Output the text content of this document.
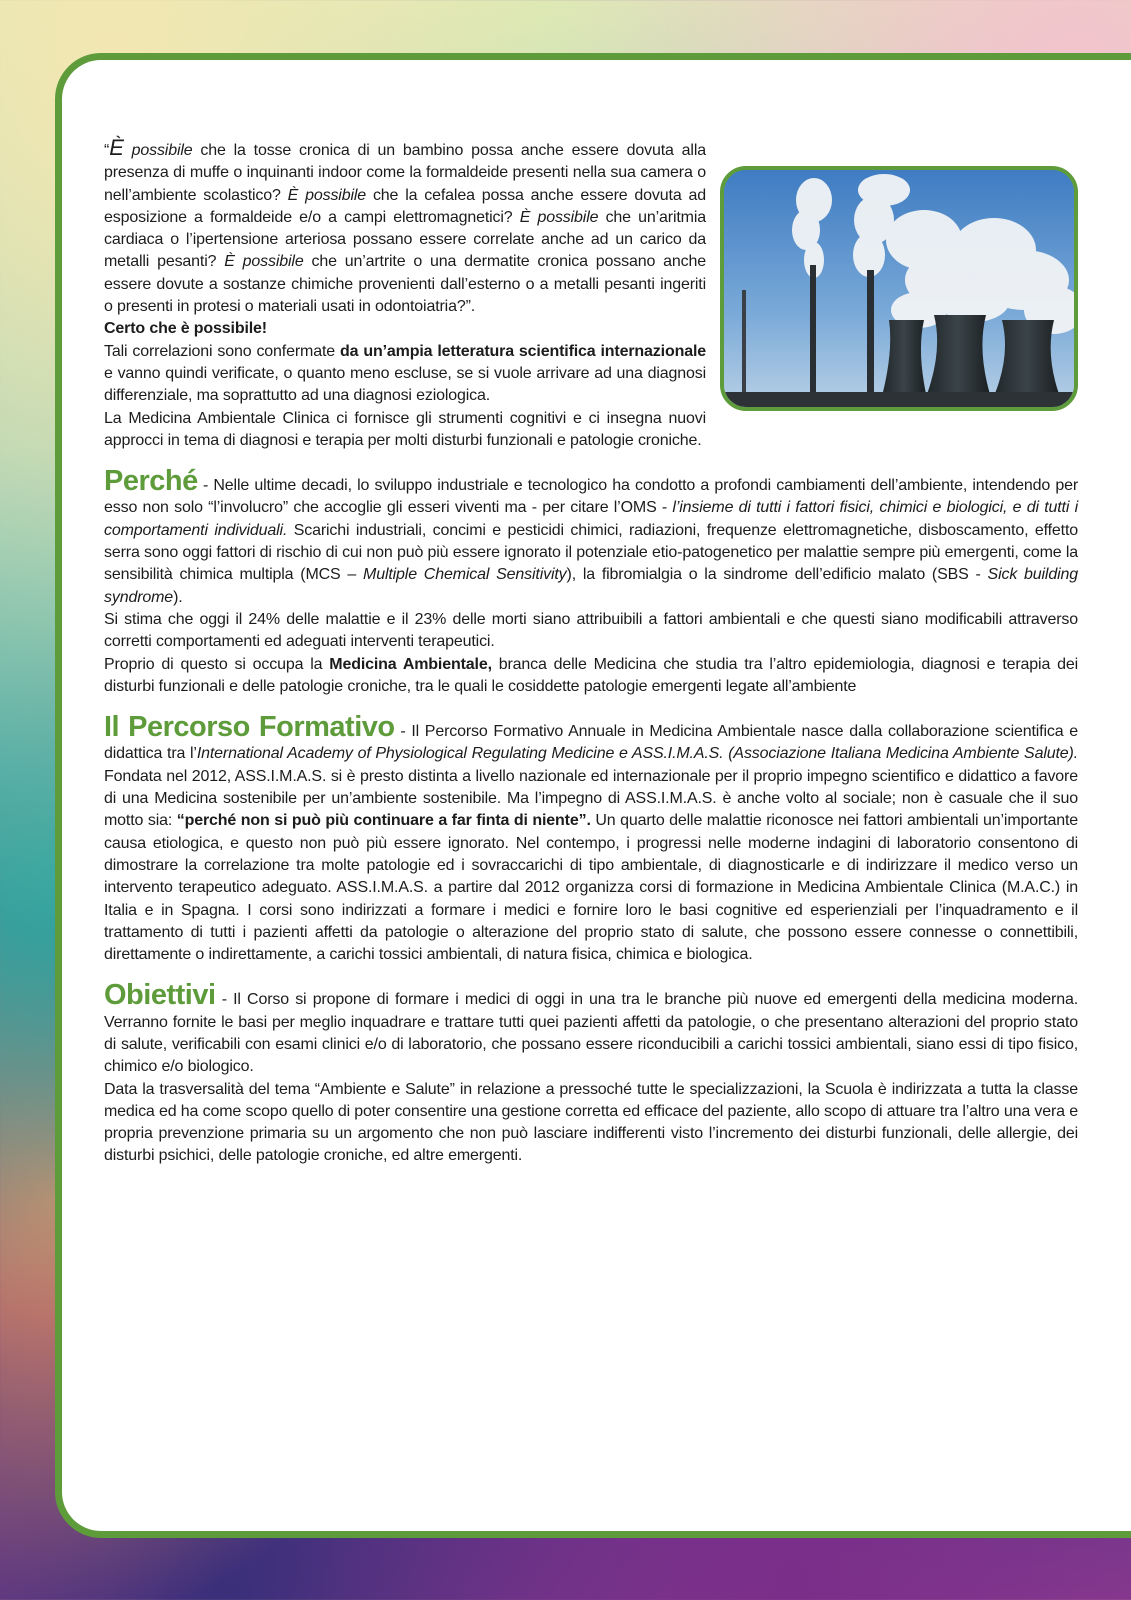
“È possibile che la tosse cronica di un bambino possa anche essere dovuta alla presenza di muffe o inquinanti indoor come la formaldeide presenti nella sua camera o nell’ambiente scolastico? È possibile che la cefalea possa anche essere dovuta ad esposizione a formaldeide e/o a campi elettromagnetici? È possibile che un’aritmia cardiaca o l’ipertensione arteriosa possano essere correlate anche ad un carico da metalli pesanti? È possibile che un’artrite o una dermatite cronica possano anche essere dovute a sostanze chimiche provenienti dall’esterno o a metalli pesanti ingeriti o presenti in protesi o materiali usati in odontoiatria?”.

Certo che è possibile!

Tali correlazioni sono confermate da un’ampia letteratura scientifica internazionale e vanno quindi verificate, o quanto meno escluse, se si vuole arrivare ad una diagnosi differenziale, ma soprattutto ad una diagnosi eziologica.

La Medicina Ambientale Clinica ci fornisce gli strumenti cognitivi e ci insegna nuovi approcci in tema di diagnosi e terapia per molti disturbi funzionali e patologie croniche.

Perché - Nelle ultime decadi, lo sviluppo industriale e tecnologico ha condotto a profondi cambiamenti dell’ambiente, intendendo per esso non solo “l’involucro” che accoglie gli esseri viventi ma - per citare l’OMS - l’insieme di tutti i fattori fisici, chimici e biologici, e di tutti i comportamenti individuali. Scarichi industriali, concimi e pesticidi chimici, radiazioni, frequenze elettromagnetiche, disboscamento, effetto serra sono oggi fattori di rischio di cui non può più essere ignorato il potenziale etio-patogenetico per malattie sempre più emergenti, come la sensibilità chimica multipla (MCS – Multiple Chemical Sensitivity), la fibromialgia o la sindrome dell’edificio malato (SBS - Sick building syndrome).

Si stima che oggi il 24% delle malattie e il 23% delle morti siano attribuibili a fattori ambientali e che questi siano modificabili attraverso corretti comportamenti ed adeguati interventi terapeutici.

Proprio di questo si occupa la Medicina Ambientale, branca delle Medicina che studia tra l’altro epidemiologia, diagnosi e terapia dei disturbi funzionali e delle patologie croniche, tra le quali le cosiddette patologie emergenti legate all’ambiente

Il Percorso Formativo - Il Percorso Formativo Annuale in Medicina Ambientale nasce dalla collaborazione scientifica e didattica tra l’International Academy of Physiological Regulating Medicine e ASS.I.M.A.S. (Associazione Italiana Medicina Ambiente Salute). Fondata nel 2012, ASS.I.M.A.S. si è presto distinta a livello nazionale ed internazionale per il proprio impegno scientifico e didattico a favore di una Medicina sostenibile per un’ambiente sostenibile. Ma l’impegno di ASS.I.M.A.S. è anche volto al sociale; non è casuale che il suo motto sia: “perché non si può più continuare a far finta di niente”. Un quarto delle malattie riconosce nei fattori ambientali un’importante causa etiologica, e questo non può più essere ignorato. Nel contempo, i progressi nelle moderne indagini di laboratorio consentono di dimostrare la correlazione tra molte patologie ed i sovraccarichi di tipo ambientale, di diagnosticarle e di indirizzare il medico verso un intervento terapeutico adeguato. ASS.I.M.A.S. a partire dal 2012 organizza corsi di formazione in Medicina Ambientale Clinica (M.A.C.) in Italia e in Spagna. I corsi sono indirizzati a formare i medici e fornire loro le basi cognitive ed esperienziali per l’inquadramento e il trattamento di tutti i pazienti affetti da patologie o alterazione del proprio stato di salute, che possono essere connesse o connettibili, direttamente o indirettamente, a carichi tossici ambientali, di natura fisica, chimica e biologica.

Obiettivi - Il Corso si propone di formare i medici di oggi in una tra le branche più nuove ed emergenti della medicina moderna. Verranno fornite le basi per meglio inquadrare e trattare tutti quei pazienti affetti da patologie, o che presentano alterazioni del proprio stato di salute, verificabili con esami clinici e/o di laboratorio, che possano essere riconducibili a carichi tossici ambientali, siano essi di tipo fisico, chimico e/o biologico.

Data la trasversalità del tema “Ambiente e Salute” in relazione a pressoché tutte le specializzazioni, la Scuola è indirizzata a tutta la classe medica ed ha come scopo quello di poter consentire una gestione corretta ed efficace del paziente, allo scopo di attuare tra l’altro una vera e propria prevenzione primaria su un argomento che non può lasciare indifferenti visto l’incremento dei disturbi funzionali, delle allergie, dei disturbi psichici, delle patologie croniche, ed altre emergenti.
